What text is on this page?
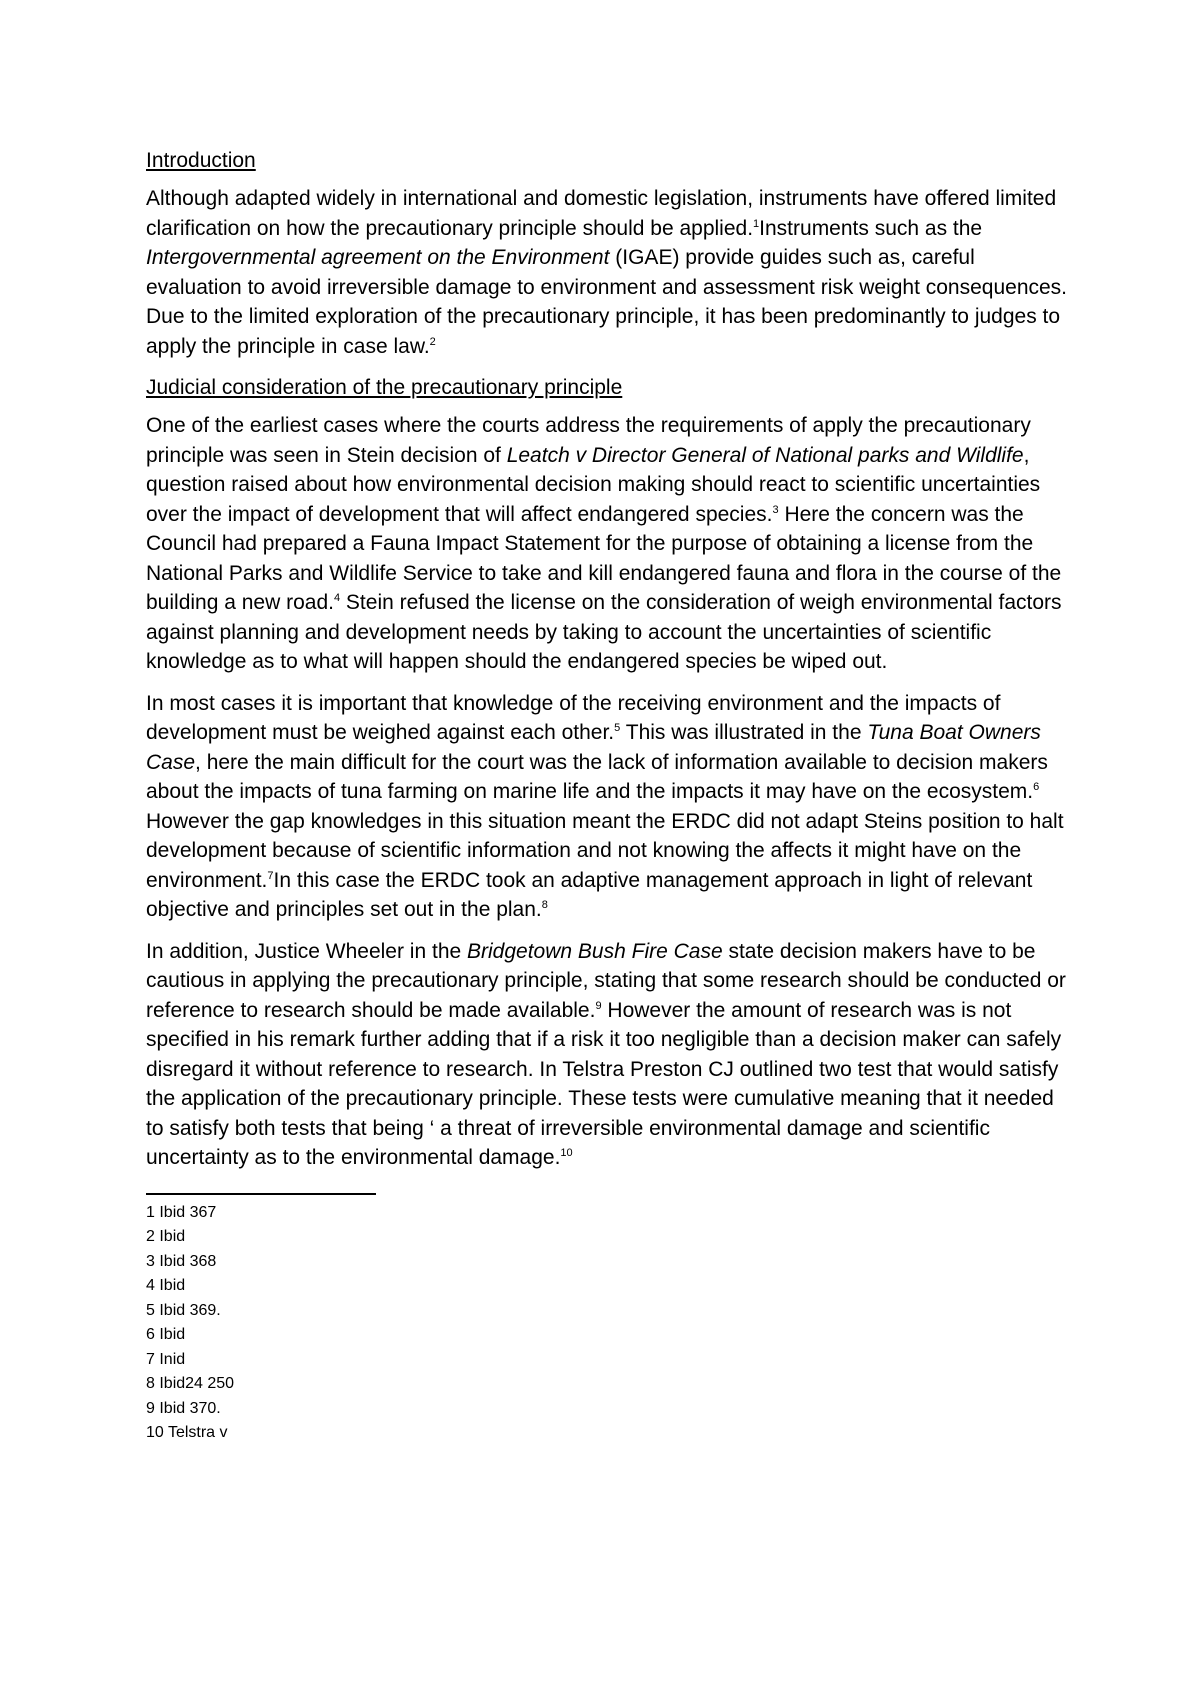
Introduction

Although adapted widely in international and domestic legislation, instruments have offered limited clarification on how the precautionary principle should be applied.$^1$Instruments such as the Intergovernmental agreement on the Environment (IGAE) provide guides such as, careful evaluation to avoid irreversible damage to environment and assessment risk weight consequences. Due to the limited exploration of the precautionary principle, it has been predominantly to judges to apply the principle in case law.$^2$

Judicial consideration of the precautionary principle

One of the earliest cases where the courts address the requirements of apply the precautionary principle was seen in Stein decision of Leatch v Director General of National parks and Wildlife, question raised about how environmental decision making should react to scientific uncertainties over the impact of development that will affect endangered species.$^3$ Here the concern was the Council had prepared a Fauna Impact Statement for the purpose of obtaining a license from the National Parks and Wildlife Service to take and kill endangered fauna and flora in the course of the building a new road.$^4$ Stein refused the license on the consideration of weigh environmental factors against planning and development needs by taking to account the uncertainties of scientific knowledge as to what will happen should the endangered species be wiped out.

In most cases it is important that knowledge of the receiving environment and the impacts of development must be weighed against each other.$^5$ This was illustrated in the Tuna Boat Owners Case, here the main difficult for the court was the lack of information available to decision makers about the impacts of tuna farming on marine life and the impacts it may have on the ecosystem.$^6$ However the gap knowledges in this situation meant the ERDC did not adapt Steins position to halt development because of scientific information and not knowing the affects it might have on the environment.$^7$In this case the ERDC took an adaptive management approach in light of relevant objective and principles set out in the plan.$^8$

In addition, Justice Wheeler in the Bridgetown Bush Fire Case state decision makers have to be cautious in applying the precautionary principle, stating that some research should be conducted or reference to research should be made available.$^9$ However the amount of research was is not specified in his remark further adding that if a risk it too negligible than a decision maker can safely disregard it without reference to research. In Telstra Preston CJ outlined two test that would satisfy the application of the precautionary principle. These tests were cumulative meaning that it needed to satisfy both tests that being ‘ a threat of irreversible environmental damage and scientific uncertainty as to the environmental damage.$^{10}$

1 Ibid 367
2 Ibid
3 Ibid 368
4 Ibid
5 Ibid 369.
6 Ibid
7 Inid
8 Ibid24 250
9 Ibid 370.
10 Telstra v
